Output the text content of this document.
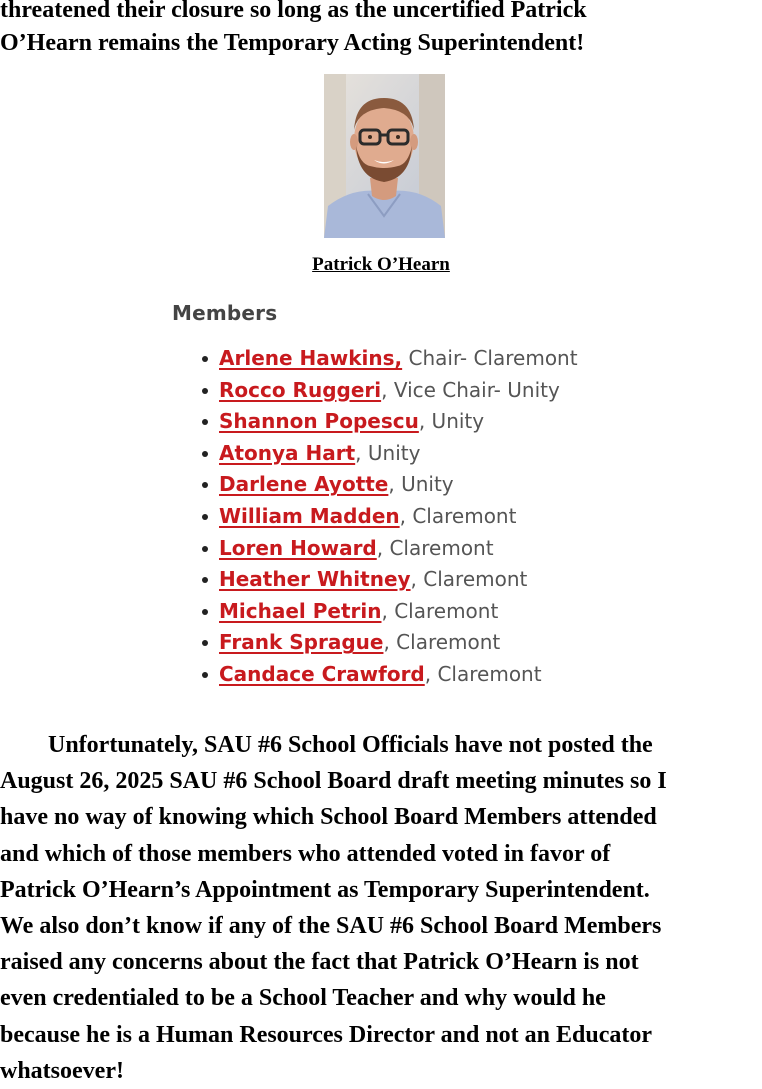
threatened their closure so long as the uncertified Patrick
O’Hearn remains the Temporary Acting Superintendent!
Patrick O’Hearn
Members
Arlene Hawkins, Chair- Claremont
Rocco Ruggeri, Vice Chair- Unity
Shannon Popescu, Unity
Atonya Hart, Unity
Darlene Ayotte, Unity
William Madden, Claremont
Loren Howard, Claremont
Heather Whitney, Claremont
Michael Petrin, Claremont
Frank Sprague, Claremont
Candace Crawford, Claremont
Unfortunately, SAU #6 School Officials have not posted the
August 26, 2025 SAU #6 School Board draft meeting minutes so I
have no way of knowing which School Board Members attended
and which of those members who attended voted in favor of
Patrick O’Hearn’s Appointment as Temporary Superintendent.
We also don’t know if any of the SAU #6 School Board Members
raised any concerns about the fact that Patrick O’Hearn is not
even credentialed to be a School Teacher and why would he
because he is a Human Resources Director and not an Educator
whatsoever!
